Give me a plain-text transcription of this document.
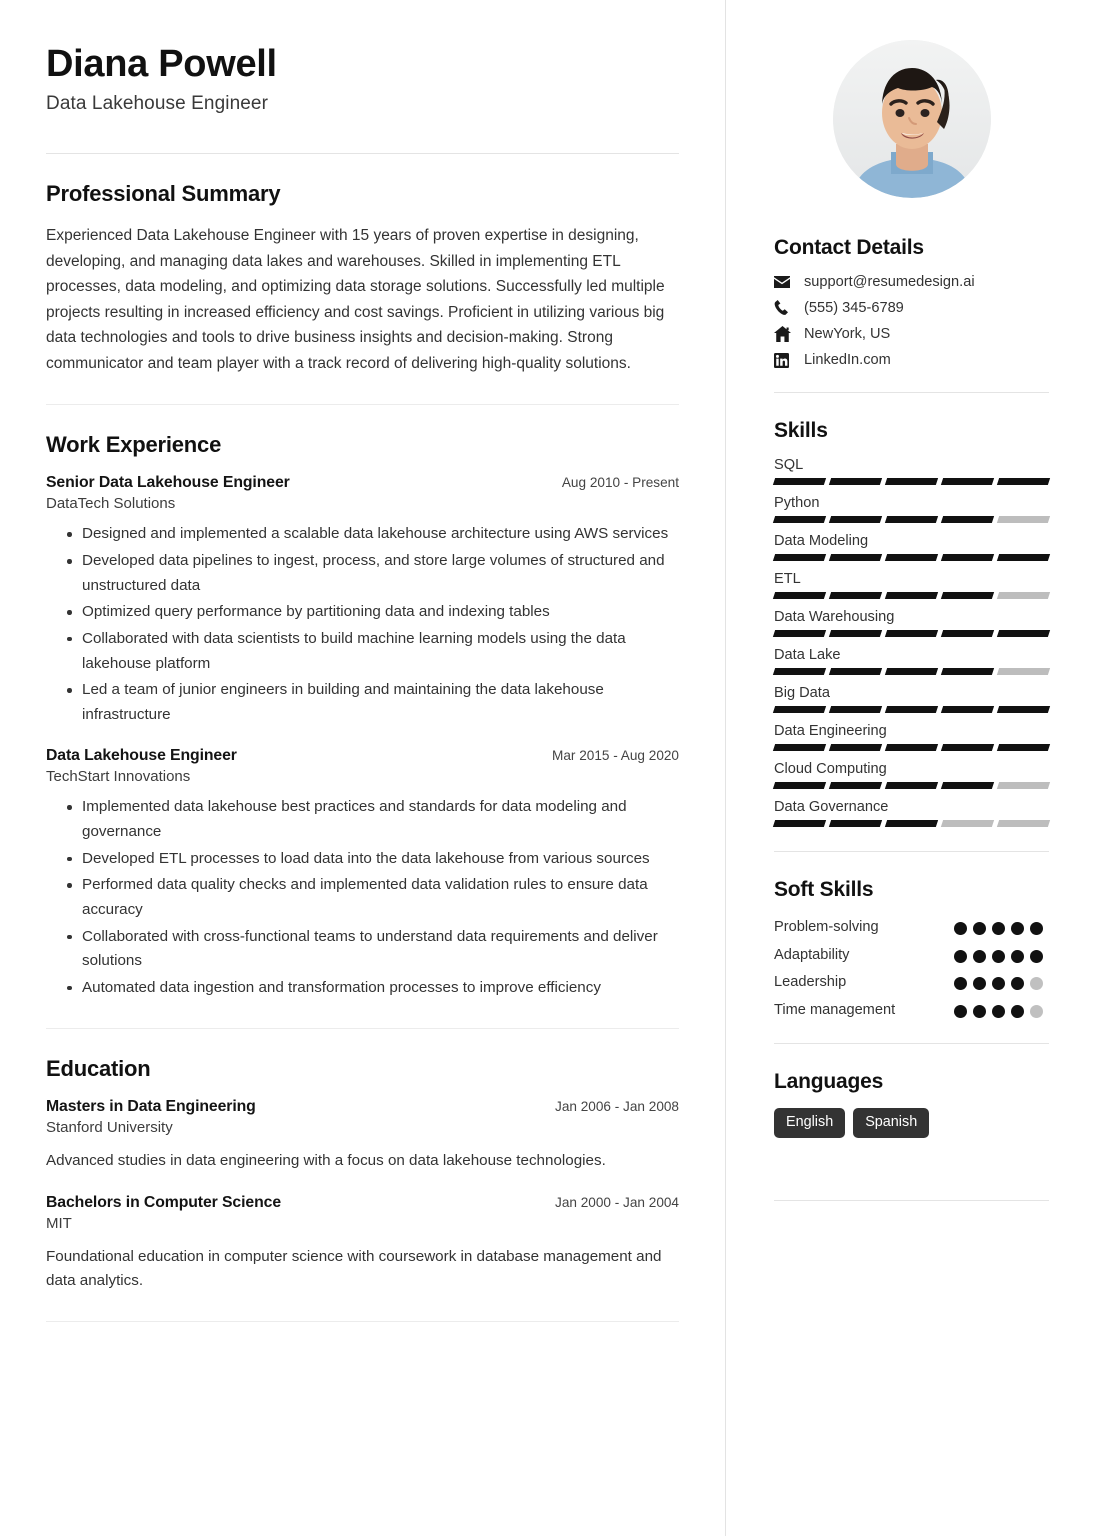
Diana Powell
Data Lakehouse Engineer
Professional Summary
Experienced Data Lakehouse Engineer with 15 years of proven expertise in designing, developing, and managing data lakes and warehouses. Skilled in implementing ETL processes, data modeling, and optimizing data storage solutions. Successfully led multiple projects resulting in increased efficiency and cost savings. Proficient in utilizing various big data technologies and tools to drive business insights and decision-making. Strong communicator and team player with a track record of delivering high-quality solutions.
Work Experience
Senior Data Lakehouse Engineer	Aug 2010 - Present
DataTech Solutions
Designed and implemented a scalable data lakehouse architecture using AWS services
Developed data pipelines to ingest, process, and store large volumes of structured and unstructured data
Optimized query performance by partitioning data and indexing tables
Collaborated with data scientists to build machine learning models using the data lakehouse platform
Led a team of junior engineers in building and maintaining the data lakehouse infrastructure
Data Lakehouse Engineer	Mar 2015 - Aug 2020
TechStart Innovations
Implemented data lakehouse best practices and standards for data modeling and governance
Developed ETL processes to load data into the data lakehouse from various sources
Performed data quality checks and implemented data validation rules to ensure data accuracy
Collaborated with cross-functional teams to understand data requirements and deliver solutions
Automated data ingestion and transformation processes to improve efficiency
Education
Masters in Data Engineering	Jan 2006 - Jan 2008
Stanford University
Advanced studies in data engineering with a focus on data lakehouse technologies.
Bachelors in Computer Science	Jan 2000 - Jan 2004
MIT
Foundational education in computer science with coursework in database management and data analytics.
Contact Details
support@resumedesign.ai
(555) 345-6789
NewYork, US
LinkedIn.com
Skills
SQL
Python
Data Modeling
ETL
Data Warehousing
Data Lake
Big Data
Data Engineering
Cloud Computing
Data Governance
Soft Skills
Problem-solving
Adaptability
Leadership
Time management
Languages
English	Spanish
